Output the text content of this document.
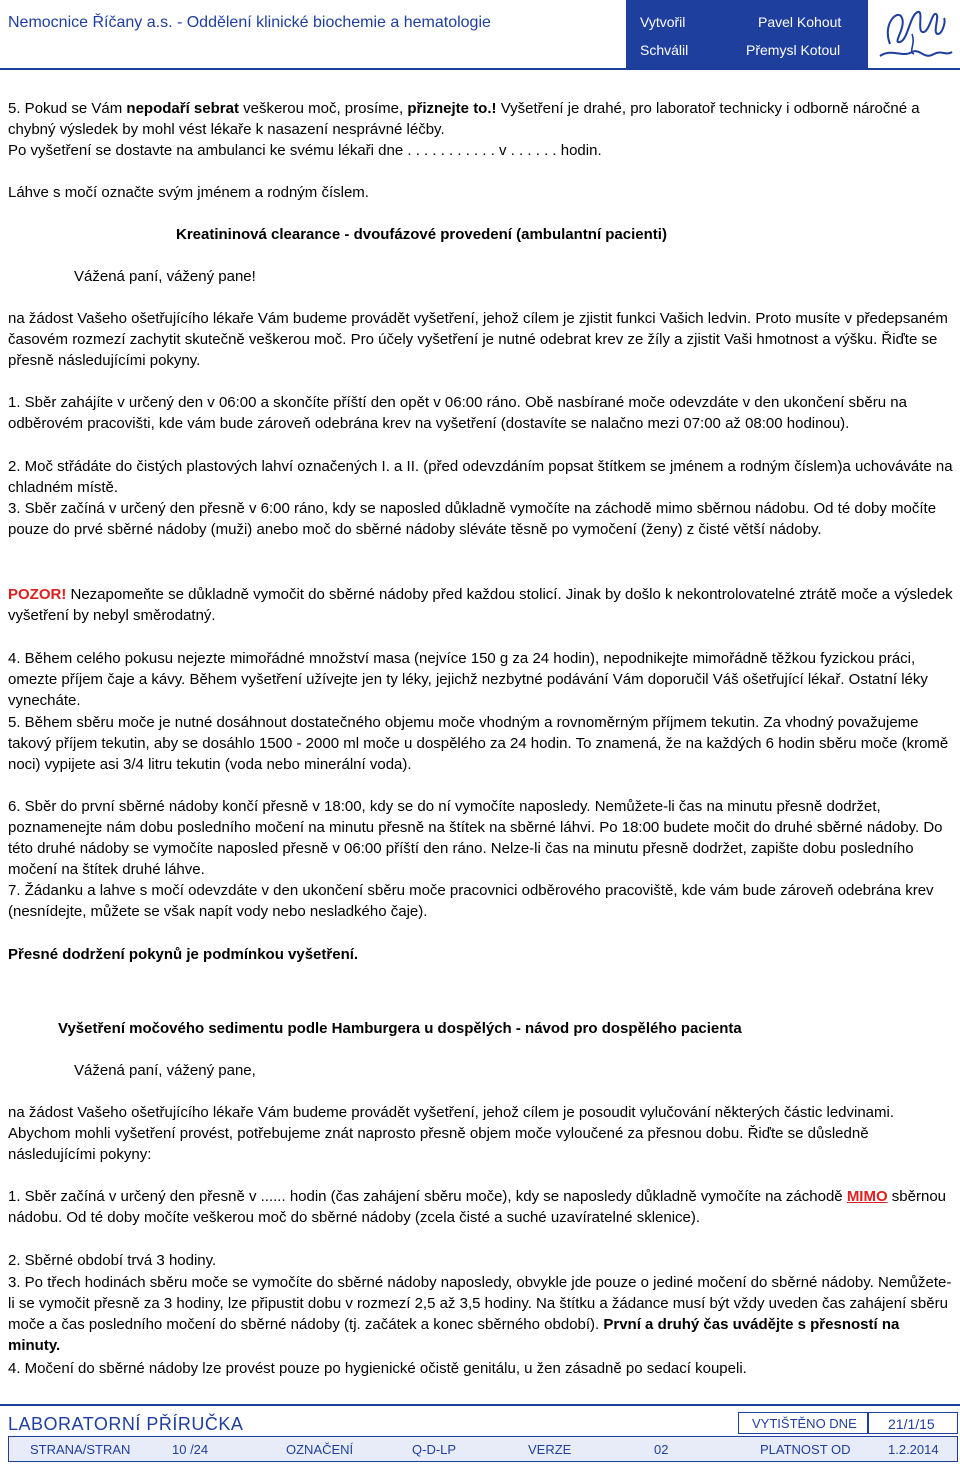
Nemocnice Říčany a.s. - Oddělení klinické biochemie a hematologie	Vytvořil	Pavel Kohout
Schválil	Přemysl Kotoul
5. Pokud se Vám nepodaří sebrat veškerou moč, prosíme, přiznejte to.! Vyšetření je drahé, pro laboratoř technicky i odborně náročné a chybný výsledek by mohl vést lékaře k nasazení nesprávné léčby.
Po vyšetření se dostavte na ambulanci ke svému lékaři dne . . . . . . . . . . . v . . . . . . hodin.
Láhve s močí označte svým jménem a rodným číslem.
Kreatininová clearance - dvoufázové provedení (ambulantní pacienti)
Vážená paní, vážený pane!
na žádost Vašeho ošetřujícího lékaře Vám budeme provádět vyšetření, jehož cílem je zjistit funkci Vašich ledvin. Proto musíte v předepsaném časovém rozmezí zachytit skutečně veškerou moč. Pro účely vyšetření je nutné odebrat krev ze žíly a zjistit Vaši hmotnost a výšku. Řiďte se přesně následujícími pokyny.
1. Sběr zahájíte v určený den v 06:00 a skončíte příští den opět v 06:00 ráno. Obě nasbírané moče odevzdáte v den ukončení sběru na odběrovém pracovišti, kde vám bude zároveň odebrána krev na vyšetření (dostavíte se nalačno mezi 07:00 až 08:00 hodinou).
2. Moč střádáte do čistých plastových lahví označených I. a II. (před odevzdáním popsat štítkem se jménem a rodným číslem)a uchováváte na chladném místě.
3. Sběr začíná v určený den přesně v 6:00 ráno, kdy se naposled důkladně vymočíte na záchodě mimo sběrnou nádobu. Od té doby močíte pouze do prvé sběrné nádoby (muži) anebo moč do sběrné nádoby sléváte těsně po vymočení (ženy) z čisté větší nádoby.
POZOR! Nezapomeňte se důkladně vymočit do sběrné nádoby před každou stolicí. Jinak by došlo k nekontrolovatelné ztrátě moče a výsledek vyšetření by nebyl směrodatný.
4. Během celého pokusu nejezte mimořádné množství masa (nejvíce 150 g za 24 hodin), nepodnikejte mimořádně těžkou fyzickou práci, omezte příjem čaje a kávy. Během vyšetření užívejte jen ty léky, jejichž nezbytné podávání Vám doporučil Váš ošetřující lékař. Ostatní léky vynecháte.
5. Během sběru moče je nutné dosáhnout dostatečného objemu moče vhodným a rovnoměrným příjmem tekutin. Za vhodný považujeme takový příjem tekutin, aby se dosáhlo 1500 - 2000 ml moče u dospělého za 24 hodin. To znamená, že na každých 6 hodin sběru moče (kromě noci) vypijete asi 3/4 litru tekutin (voda nebo minerální voda).
6. Sběr do první sběrné nádoby končí přesně v 18:00, kdy se do ní vymočíte naposledy. Nemůžete-li čas na minutu přesně dodržet, poznamenejte nám dobu posledního močení na minutu přesně na štítek na sběrné láhvi. Po 18:00 budete močit do druhé sběrné nádoby. Do této druhé nádoby se vymočíte naposled přesně v 06:00 příští den ráno. Nelze-li čas na minutu přesně dodržet, zapište dobu posledního močení na štítek druhé láhve.
7. Žádanku a lahve s močí odevzdáte v den ukončení sběru moče pracovnici odběrového pracoviště, kde vám bude zároveň odebrána krev (nesnídejte, můžete se však napít vody nebo nesladkého čaje).
Přesné dodržení pokynů je podmínkou vyšetření.
Vyšetření močového sedimentu podle Hamburgera u dospělých - návod pro dospělého pacienta
Vážená paní, vážený pane,
na žádost Vašeho ošetřujícího lékaře Vám budeme provádět vyšetření, jehož cílem je posoudit vylučování některých částic ledvinami. Abychom mohli vyšetření provést, potřebujeme znát naprosto přesně objem moče vyloučené za přesnou dobu. Řiďte se důsledně následujícími pokyny:
1. Sběr začíná v určený den přesně v ...... hodin (čas zahájení sběru moče), kdy se naposledy důkladně vymočíte na záchodě MIMO sběrnou nádobu. Od té doby močíte veškerou moč do sběrné nádoby (zcela čisté a suché uzavíratelné sklenice).
2. Sběrné období trvá 3 hodiny.
3. Po třech hodinách sběru moče se vymočíte do sběrné nádoby naposledy, obvykle jde pouze o jediné močení do sběrné nádoby. Nemůžete-li se vymočit přesně za 3 hodiny, lze připustit dobu v rozmezí 2,5 až 3,5 hodiny. Na štítku a žádance musí být vždy uveden čas zahájení sběru moče a čas posledního močení do sběrné nádoby (tj. začátek a konec sběrného období). První a druhý čas uvádějte s přesností na minuty.
4. Močení do sběrné nádoby lze provést pouze po hygienické očistě genitálu, u žen zásadně po sedací koupeli.
LABORATORNÍ PŘÍRUČKA	VYTIŠTĚNO DNE 21/1/15
STRANA/STRAN	10 /24	OZNAČENÍ	Q-D-LP	VERZE	02	PLATNOST OD	1.2.2014
